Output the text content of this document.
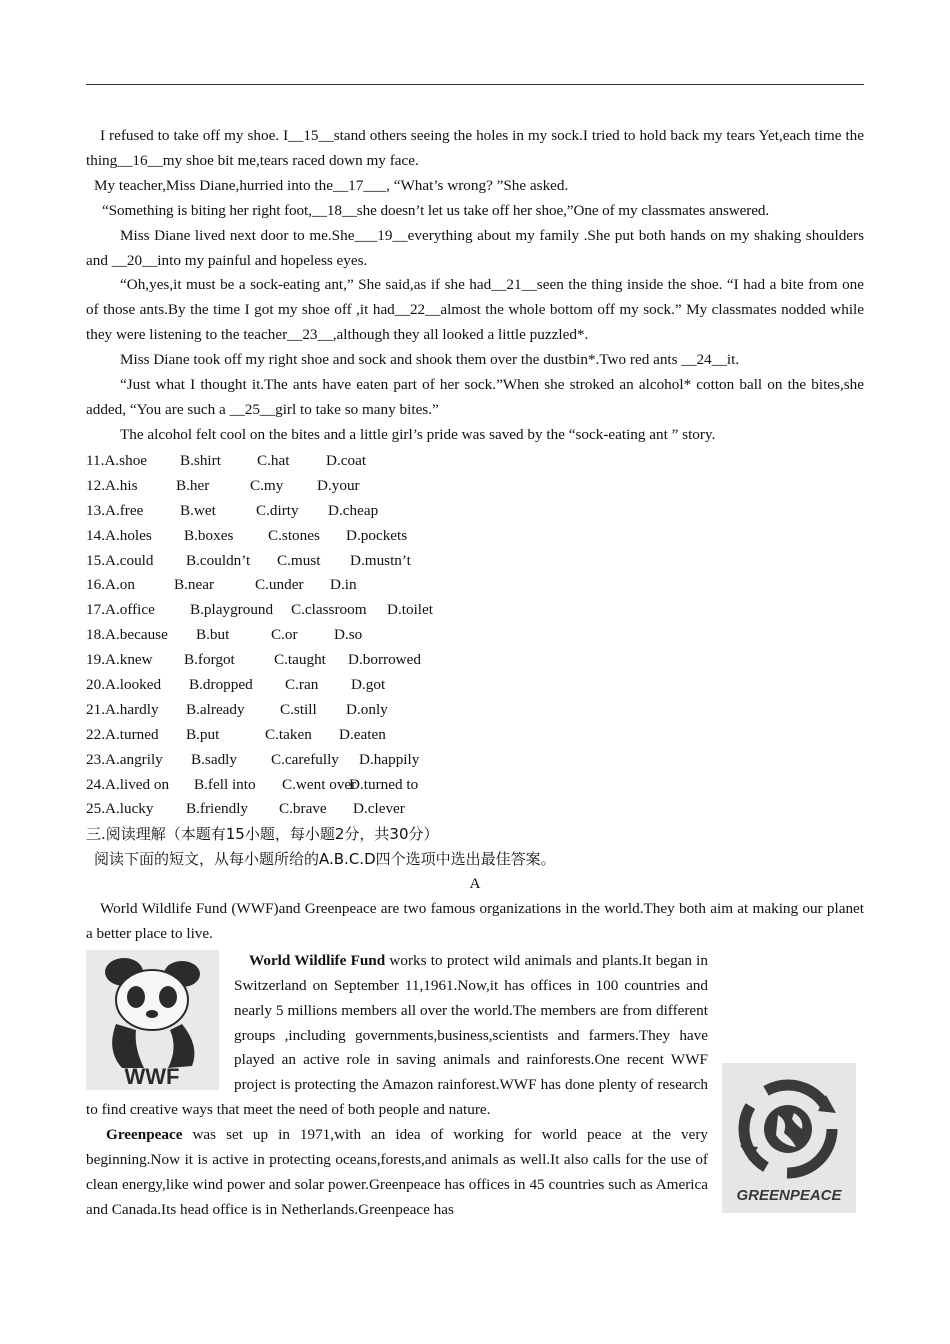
I refused to take off my shoe. I__15__stand others seeing the holes in my sock.I tried to hold back my tears Yet,each time the thing__16__my shoe bit me,tears raced down my face.

My teacher,Miss Diane,hurried into the__17___, “What’s wrong? ”She asked.

“Something is biting her right foot,__18__she doesn’t let us take off her shoe,”One of my classmates answered.

Miss Diane lived next door to me.She___19__everything about my family .She put both hands on my shaking shoulders and __20__into my painful and hopeless eyes.

“Oh,yes,it must be a sock-eating ant,” She said,as if she had__21__seen the thing inside the shoe. “I had a bite from one of those ants.By the time I got my shoe off ,it had__22__almost the whole bottom off my sock.” My classmates nodded while they were listening to the teacher__23__,although they all looked a little puzzled*.

Miss Diane took off my right shoe and sock and shook them over the dustbin*.Two red ants __24__it.

“Just what I thought it.The ants have eaten part of her sock.”When she stroked an alcohol* cotton ball on the bites,she added, “You are such a __25__girl to take so many bites.”

The alcohol felt cool on the bites and a little girl’s pride was saved by the “sock-eating ant ” story.

11.A.shoe B.shirt C.hat D.coat
12.A.his	B.her	C.my D.your
13.A.free B.wet	C.dirty D.cheap
14.A.holes B.boxes C.stones D.pockets
15.A.could B.couldn’t C.must D.mustn’t
16.A.on	B.near	C.under D.in
17.A.office B.playground C.classroom D.toilet
18.A.because B.but	C.or D.so
19.A.knew B.forgot	C.taught D.borrowed
20.A.looked B.dropped C.ran D.got
21.A.hardly B.already C.still D.only
22.A.turned B.put	C.taken D.eaten
23.A.angrily B.sadly C.carefully D.happily
24.A.lived on B.fell into C.went over
D.turned to
25.A.lucky B.friendly C.brave D.clever
三.阅读理解（本题有15小题，每小题2分，共30分）
阅读下面的短文，从每小题所给的A.B.C.D四个选项中选出最佳答案。
A

World Wildlife Fund (WWF)and Greenpeace are two famous organizations in the world.They both aim at making our planet a better place to live.

WWF

World Wildlife Fund
works to protect wild animals and plants.It began in Switzerland on September 11,1961.Now,it has offices in 100 countries and nearly 5 millions members all over the world.The members are from different groups ,including governments,business,scientists and farmers.They have played an active role in saving animals and rainforests.One recent WWF project is protecting the Amazon rainforest.WWF has done plenty of research to find creative ways that meet the need of both people and nature.

GREENPEACE

Greenpeace was set up in 1971,with an idea of working for world peace at the very beginning.Now it is active in protecting oceans,forests,and animals as well.It also calls for the use of clean energy,like wind power and solar power.Greenpeace has offices in 45 countries such as America and Canada.Its head office is in Netherlands.Greenpeace has
